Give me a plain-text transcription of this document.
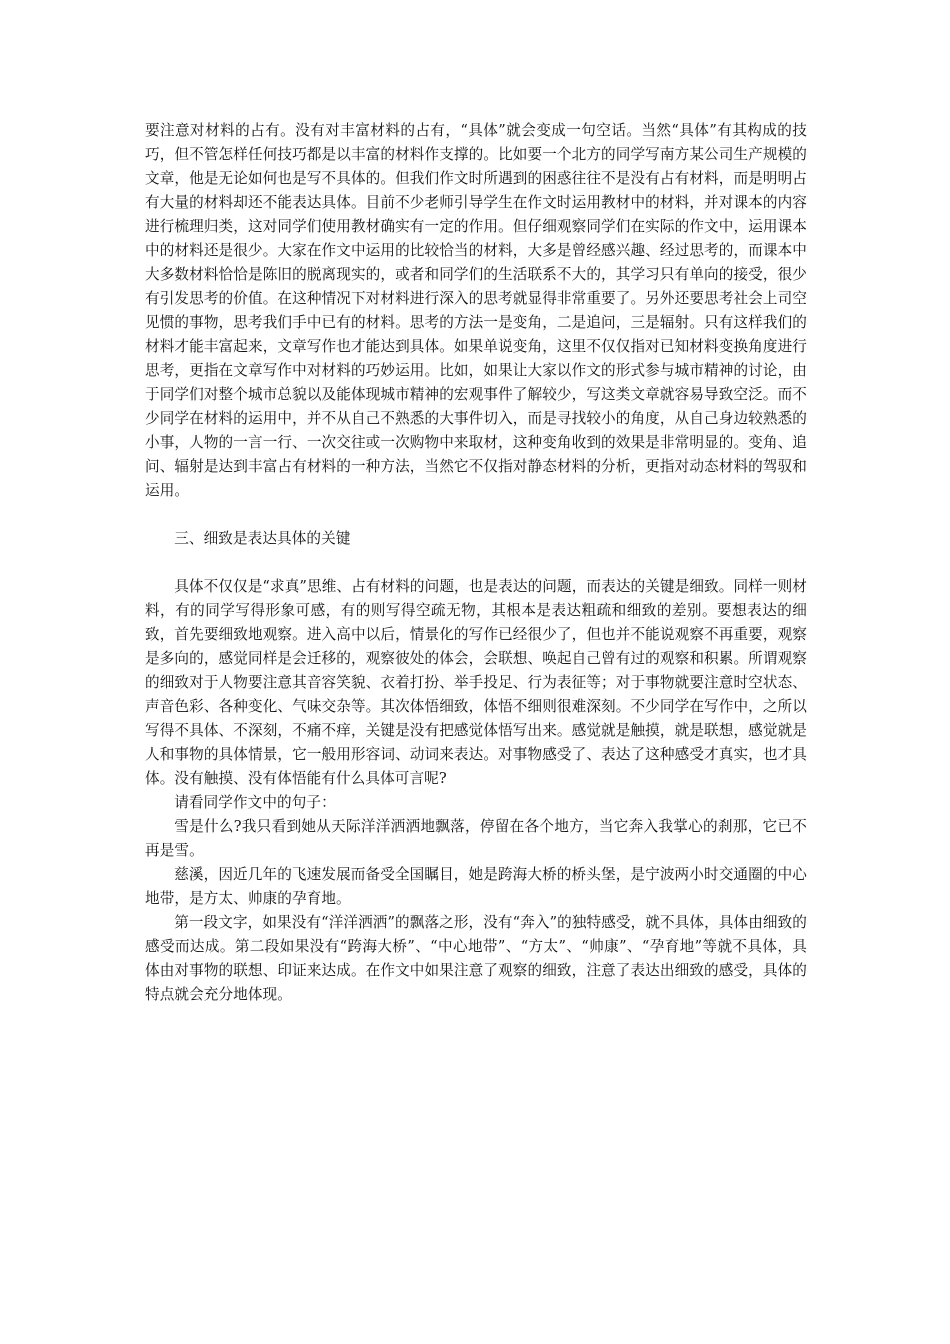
要注意对材料的占有。没有对丰富材料的占有，“具体”就会变成一句空话。当然“具体”有其构成的技巧，但不管怎样任何技巧都是以丰富的材料作支撑的。比如要一个北方的同学写南方某公司生产规模的文章，他是无论如何也是写不具体的。但我们作文时所遇到的困惑往往不是没有占有材料，而是明明占有大量的材料却还不能表达具体。目前不少老师引导学生在作文时运用教材中的材料，并对课本的内容进行梳理归类，这对同学们使用教材确实有一定的作用。但仔细观察同学们在实际的作文中，运用课本中的材料还是很少。大家在作文中运用的比较恰当的材料，大多是曾经感兴趣、经过思考的，而课本中大多数材料恰恰是陈旧的脱离现实的，或者和同学们的生活联系不大的，其学习只有单向的接受，很少有引发思考的价值。在这种情况下对材料进行深入的思考就显得非常重要了。另外还要思考社会上司空见惯的事物，思考我们手中已有的材料。思考的方法一是变角，二是追问，三是辐射。只有这样我们的材料才能丰富起来，文章写作也才能达到具体。如果单说变角，这里不仅仅指对已知材料变换角度进行思考，更指在文章写作中对材料的巧妙运用。比如，如果让大家以作文的形式参与城市精神的讨论，由于同学们对整个城市总貌以及能体现城市精神的宏观事件了解较少，写这类文章就容易导致空泛。而不少同学在材料的运用中，并不从自己不熟悉的大事件切入，而是寻找较小的角度，从自己身边较熟悉的小事，人物的一言一行、一次交往或一次购物中来取材，这种变角收到的效果是非常明显的。变角、追问、辐射是达到丰富占有材料的一种方法，当然它不仅指对静态材料的分析，更指对动态材料的驾驭和运用。

三、细致是表达具体的关键

具体不仅仅是“求真”思维、占有材料的问题，也是表达的问题，而表达的关键是细致。同样一则材料，有的同学写得形象可感，有的则写得空疏无物，其根本是表达粗疏和细致的差别。要想表达的细致，首先要细致地观察。进入高中以后，情景化的写作已经很少了，但也并不能说观察不再重要，观察是多向的，感觉同样是会迁移的，观察彼处的体会，会联想、唤起自己曾有过的观察和积累。所谓观察的细致对于人物要注意其音容笑貌、衣着打扮、举手投足、行为表征等；对于事物就要注意时空状态、声音色彩、各种变化、气味交杂等。其次体悟细致，体悟不细则很难深刻。不少同学在写作中，之所以写得不具体、不深刻，不痛不痒，关键是没有把感觉体悟写出来。感觉就是触摸，就是联想，感觉就是人和事物的具体情景，它一般用形容词、动词来表达。对事物感受了、表达了这种感受才真实，也才具体。没有触摸、没有体悟能有什么具体可言呢?

请看同学作文中的句子：

雪是什么?我只看到她从天际洋洋洒洒地飘落，停留在各个地方，当它奔入我掌心的刹那，它已不再是雪。

慈溪，因近几年的飞速发展而备受全国瞩目，她是跨海大桥的桥头堡，是宁波两小时交通圈的中心地带，是方太、帅康的孕育地。

第一段文字，如果没有“洋洋洒洒”的飘落之形，没有“奔入”的独特感受，就不具体，具体由细致的感受而达成。第二段如果没有“跨海大桥”、“中心地带”、“方太”、“帅康”、“孕育地”等就不具体，具体由对事物的联想、印证来达成。在作文中如果注意了观察的细致，注意了表达出细致的感受，具体的特点就会充分地体现。
